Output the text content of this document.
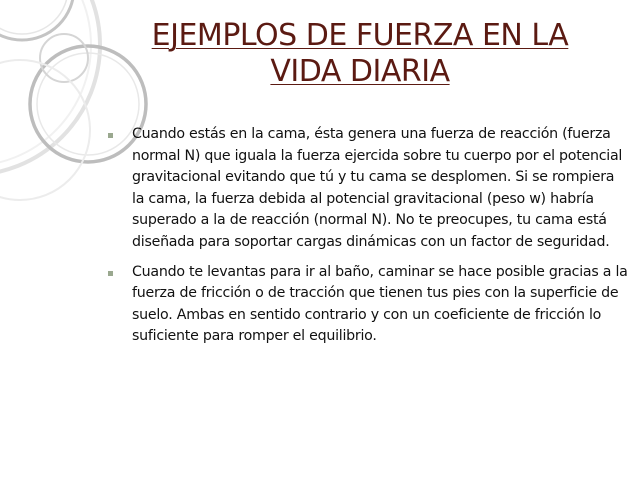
EJEMPLOS DE FUERZA EN LA
VIDA DIARIA
Cuando estás en la cama, ésta genera una fuerza de reacción (fuerza normal N) que iguala la fuerza ejercida sobre tu cuerpo por el potencial gravitacional evitando que tú y tu cama se desplomen. Si se rompiera la cama, la fuerza debida al potencial gravitacional (peso w) habría superado a la de reacción (normal N). No te preocupes, tu cama está diseñada para soportar cargas dinámicas con un factor de seguridad.
Cuando te levantas para ir al baño, caminar se hace posible gracias a la fuerza de fricción o de tracción que tienen tus pies con la superficie de suelo. Ambas en sentido contrario y con un coeficiente de fricción lo suficiente para romper el equilibrio.
